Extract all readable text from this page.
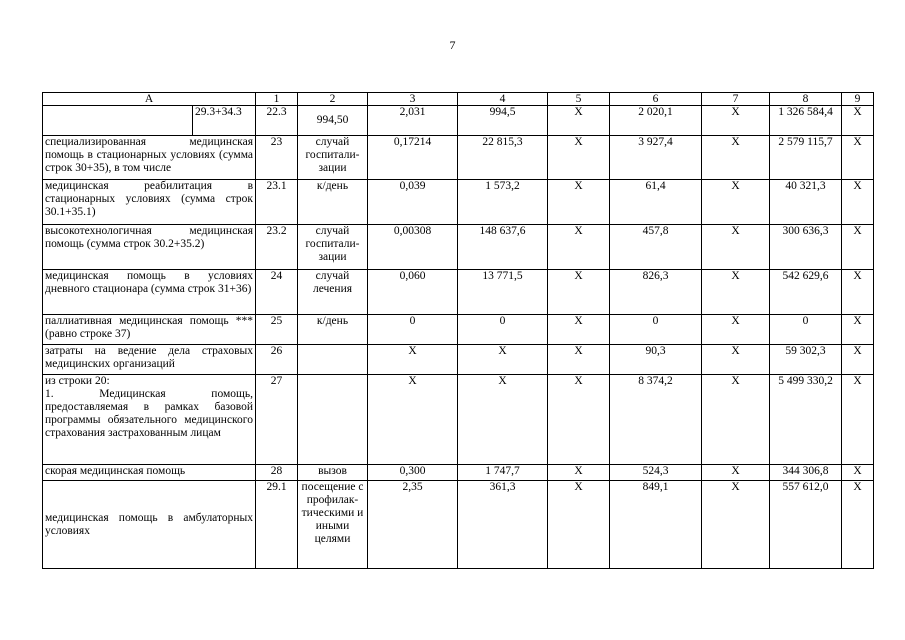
7
А		1	2	3	4	5	6	7	8	9
	29.3+34.3	22.3	994,50	2,031	994,5	Х	2 020,1	Х	1 326 584,4	Х
специализированная медицинская помощь в стационарных условиях (сумма строк 30+35), в том числе		23	случай госпитали-зации	0,17214	22 815,3	Х	3 927,4	Х	2 579 115,7	Х
медицинская реабилитация в стационарных условиях (сумма строк 30.1+35.1)		23.1	к/день	0,039	1 573,2	Х	61,4	Х	40 321,3	Х
высокотехнологичная медицинская помощь (сумма строк 30.2+35.2)		23.2	случай госпитали-зации	0,00308	148 637,6	Х	457,8	Х	300 636,3	Х
медицинская помощь в условиях дневного стационара (сумма строк 31+36)		24	случай лечения	0,060	13 771,5	Х	826,3	Х	542 629,6	Х
паллиативная медицинская помощь *** (равно строке 37)		25	к/день	0	0	Х	0	Х	0	Х
затраты на ведение дела страховых медицинских организаций		26		Х	Х	Х	90,3	Х	59 302,3	Х

из строки 20:
1. Медицинская помощь, предоставляемая в рамках базовой программы обязательного медицинского страхования застрахованным лицам		27		Х	Х	Х	8 374,2	Х	5 499 330,2	Х
скорая медицинская помощь		28	вызов	0,300	1 747,7	Х	524,3	Х	344 306,8	Х
медицинская помощь в амбулаторных условиях		29.1	посещение с профилак-тическими и иными целями	2,35	361,3	Х	849,1	Х	557 612,0	Х
